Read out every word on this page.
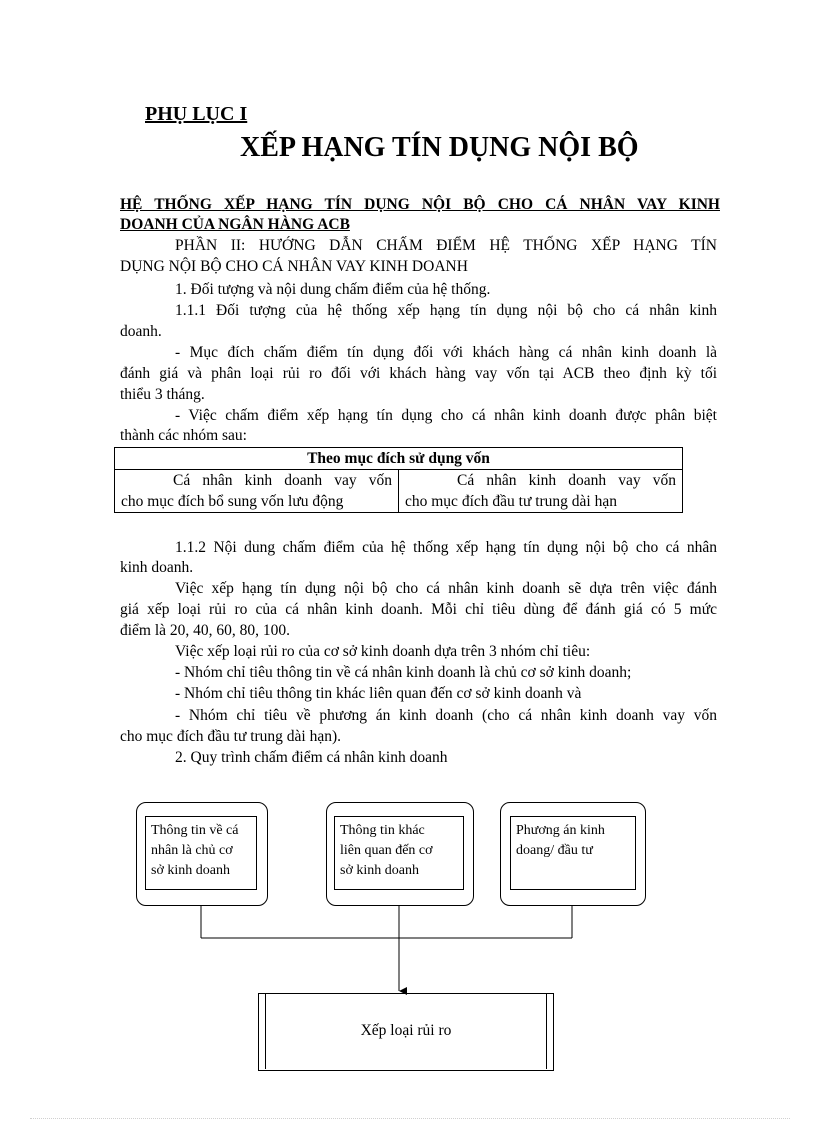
PHỤ LỤC I

XẾP HẠNG TÍN DỤNG NỘI BỘ

HỆ THỐNG XẾP HẠNG TÍN DỤNG NỘI BỘ CHO CÁ NHÂN VAY KINH

DOANH CỦA NGÂN HÀNG ACB

PHẦN II: HƯỚNG DẪN CHẤM ĐIỂM HỆ THỐNG XẾP HẠNG TÍN

DỤNG NỘI BỘ CHO CÁ NHÂN VAY KINH DOANH

1. Đối tượng và nội dung chấm điểm của hệ thống.

1.1.1 Đối tượng của hệ thống xếp hạng tín dụng nội bộ cho cá nhân kinh

doanh.

- Mục đích chấm điểm tín dụng đối với khách hàng cá nhân kinh doanh là

đánh giá và phân loại rủi ro đối với khách hàng vay vốn tại ACB theo định kỳ tối

thiểu 3 tháng.

- Việc chấm điểm xếp hạng tín dụng cho cá nhân kinh doanh được phân biệt

thành các nhóm sau:

Theo mục đích sử dụng vốn

Cá nhân kinh doanh vay vốn
cho mục đích bổ sung vốn lưu động

Cá nhân kinh doanh vay vốn
cho mục đích đầu tư trung dài hạn

1.1.2 Nội dung chấm điểm của hệ thống xếp hạng tín dụng nội bộ cho cá nhân

kinh doanh.

Việc xếp hạng tín dụng nội bộ cho cá nhân kinh doanh sẽ dựa trên việc đánh

giá xếp loại rủi ro của cá nhân kinh doanh. Mỗi chỉ tiêu dùng để đánh giá có 5 mức

điểm là 20, 40, 60, 80, 100.

Việc xếp loại rủi ro của cơ sở kinh doanh dựa trên 3 nhóm chỉ tiêu:

- Nhóm chỉ tiêu thông tin về cá nhân kinh doanh là chủ cơ sở kinh doanh;

- Nhóm chỉ tiêu thông tin khác liên quan đến cơ sở kinh doanh và

- Nhóm chỉ tiêu về phương án kinh doanh (cho cá nhân kinh doanh vay vốn

cho mục đích đầu tư trung dài hạn).

2. Quy trình chấm điểm cá nhân kinh doanh

Thông tin về cá
nhân là chủ cơ
sở kinh doanh
Thông tin khác
liên quan đến cơ
sở kinh doanh
Phương án kinh
doang/ đầu tư
Xếp loại rủi ro
